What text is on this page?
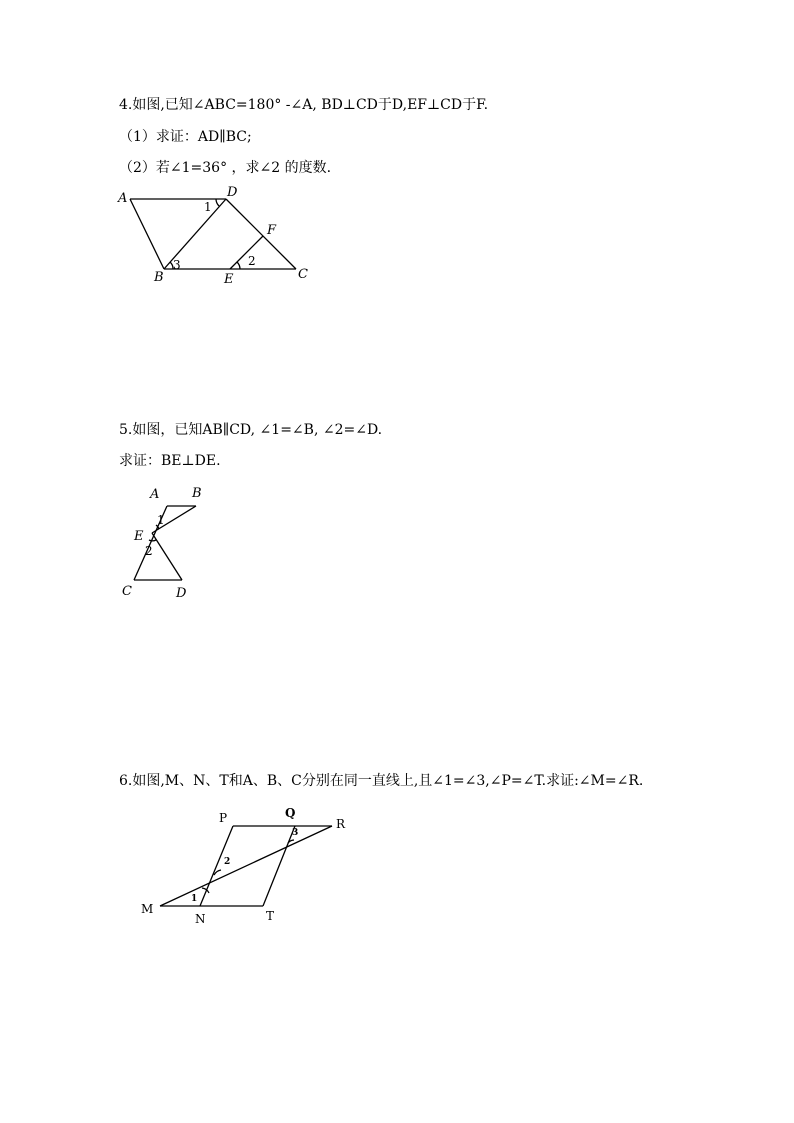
4.如图,已知∠ABC=180° -∠A, BD⊥CD于D,EF⊥CD于F.
（1）求证：AD∥BC;
（2）若∠1=36° ，求∠2 的度数.
A	D
F
B	E	C
1
2
3
5.如图，已知AB∥CD, ∠1=∠B, ∠2=∠D.
求证：BE⊥DE.
A	B
E
C	D
1
2
6.如图,M、N、T和A、B、C分别在同一直线上,且∠1=∠3,∠P=∠T.求证:∠M=∠R.
P	Q
R
M
N	T
1
2
3
